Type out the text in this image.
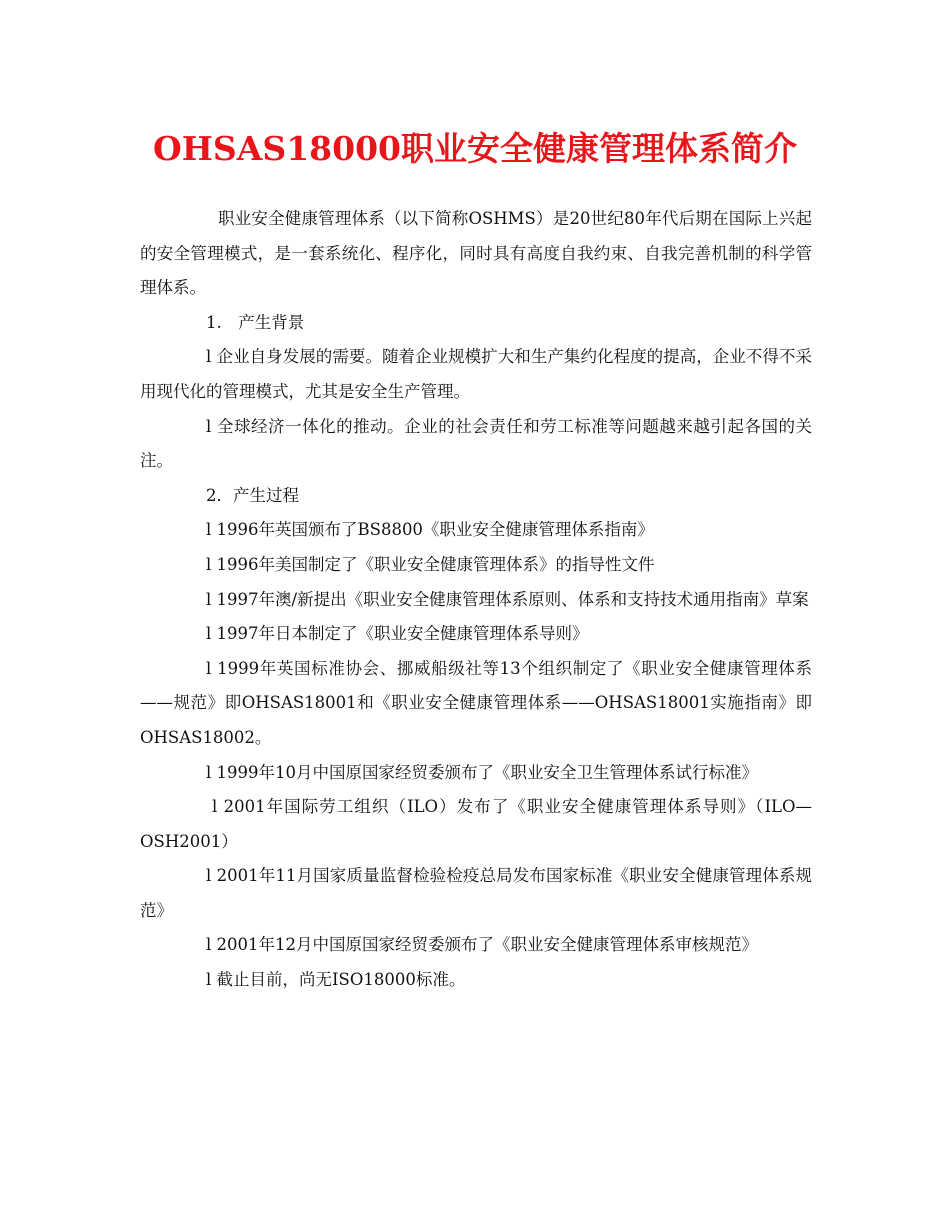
OHSAS18000职业安全健康管理体系简介

职业安全健康管理体系（以下简称OSHMS）是20世纪80年代后期在国际上兴起的安全管理模式，是一套系统化、程序化，同时具有高度自我约束、自我完善机制的科学管理体系。

1.　产生背景

l 企业自身发展的需要。随着企业规模扩大和生产集约化程度的提高，企业不得不采用现代化的管理模式，尤其是安全生产管理。

l 全球经济一体化的推动。企业的社会责任和劳工标准等问题越来越引起各国的关注。

2．产生过程

l 1996年英国颁布了BS8800《职业安全健康管理体系指南》

l 1996年美国制定了《职业安全健康管理体系》的指导性文件

l 1997年澳/新提出《职业安全健康管理体系原则、体系和支持技术通用指南》草案

l 1997年日本制定了《职业安全健康管理体系导则》

l 1999年英国标准协会、挪威船级社等13个组织制定了《职业安全健康管理体系——规范》即OHSAS18001和《职业安全健康管理体系——OHSAS18001实施指南》即OHSAS18002。

l 1999年10月中国原国家经贸委颁布了《职业安全卫生管理体系试行标准》

l 2001年国际劳工组织（ILO）发布了《职业安全健康管理体系导则》（ILO—OSH2001）

l 2001年11月国家质量监督检验检疫总局发布国家标准《职业安全健康管理体系规范》

l 2001年12月中国原国家经贸委颁布了《职业安全健康管理体系审核规范》

l 截止目前，尚无ISO18000标准。
